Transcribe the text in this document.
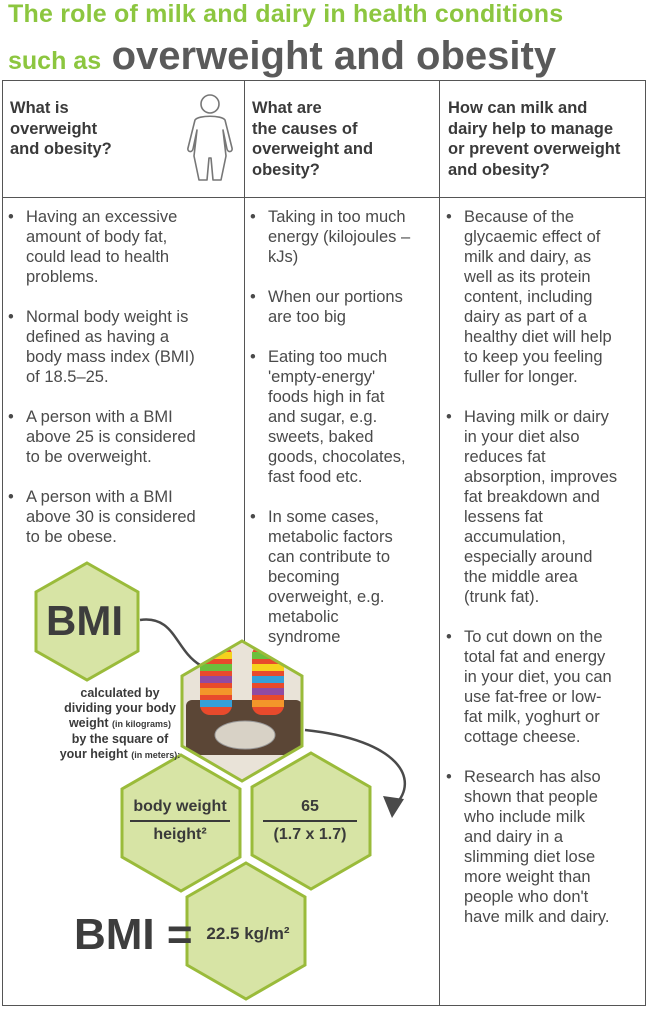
The role of milk and dairy in health conditions
such as overweight and obesity
What is
overweight
and obesity?
What are
the causes of
overweight and
obesity?
How can milk and
dairy help to manage
or prevent overweight
and obesity?
• Having an excessive
amount of body fat,
could lead to health
problems.
• Normal body weight is
defined as having a
body mass index (BMI)
of 18.5–25.
• A person with a BMI
above 25 is considered
to be overweight.
• A person with a BMI
above 30 is considered
to be obese.
• Taking in too much
energy (kilojoules –
kJs)
• When our portions
are too big
• Eating too much
'empty-energy'
foods high in fat
and sugar, e.g.
sweets, baked
goods, chocolates,
fast food etc.
• In some cases,
metabolic factors
can contribute to
becoming
overweight, e.g.
metabolic
syndrome
• Because of the
glycaemic effect of
milk and dairy, as
well as its protein
content, including
dairy as part of a
healthy diet will help
to keep you feeling
fuller for longer.
• Having milk or dairy
in your diet also
reduces fat
absorption, improves
fat breakdown and
lessens fat
accumulation,
especially around
the middle area
(trunk fat).
• To cut down on the
total fat and energy
in your diet, you can
use fat-free or low-
fat milk, yoghurt or
cottage cheese.
• Research has also
shown that people
who include milk
and dairy in a
slimming diet lose
more weight than
people who don't
have milk and dairy.
BMI
calculated by
dividing your body
weight (in kilograms)
by the square of
your height (in meters):
body weight
height²
65
(1.7 x 1.7)
BMI = 22.5 kg/m²
